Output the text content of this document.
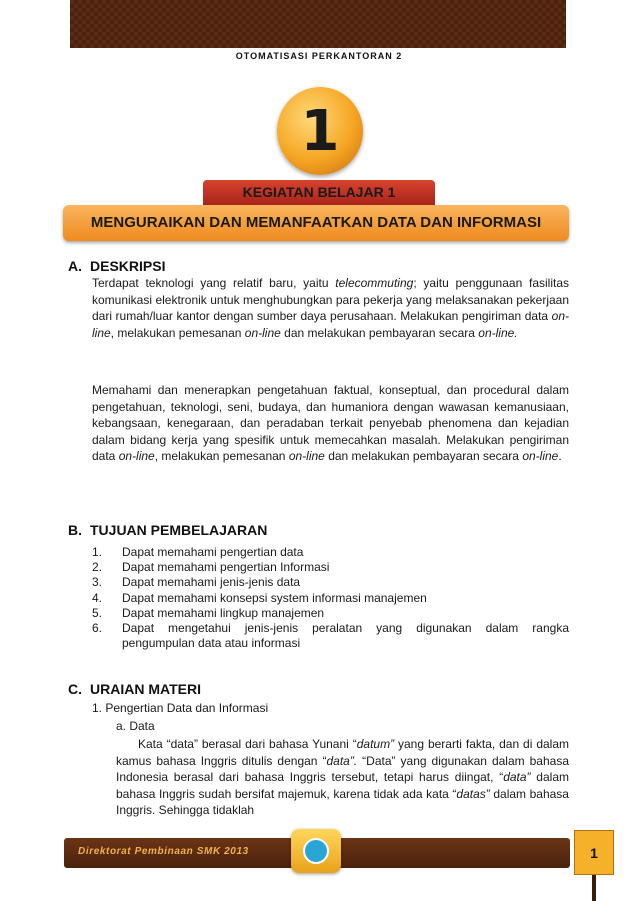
OTOMATISASI PERKANTORAN 2
1
KEGIATAN BELAJAR 1
MENGURAIKAN DAN MEMANFAATKAN DATA DAN INFORMASI
A. DESKRIPSI
Terdapat teknologi yang relatif baru, yaitu telecommuting; yaitu penggunaan fasilitas komunikasi elektronik untuk menghubungkan para pekerja yang melaksanakan pekerjaan dari rumah/luar kantor dengan sumber daya perusahaan. Melakukan pengiriman data on-line, melakukan pemesanan on-line dan melakukan pembayaran secara on-line.
Memahami dan menerapkan pengetahuan faktual, konseptual, dan procedural dalam pengetahuan, teknologi, seni, budaya, dan humaniora dengan wawasan kemanusiaan, kebangsaan, kenegaraan, dan peradaban terkait penyebab phenomena dan kejadian dalam bidang kerja yang spesifik untuk memecahkan masalah. Melakukan pengiriman data on-line, melakukan pemesanan on-line dan melakukan pembayaran secara on-line.
B. TUJUAN PEMBELAJARAN
1.	Dapat memahami pengertian data
2.	Dapat memahami pengertian Informasi
3.	Dapat memahami jenis-jenis data
4.	Dapat memahami konsepsi system informasi manajemen
5.	Dapat memahami lingkup manajemen
6.	Dapat mengetahui jenis-jenis peralatan yang digunakan dalam rangka pengumpulan data atau informasi
C. URAIAN MATERI
1. Pengertian Data dan Informasi
a. Data
Kata “data” berasal dari bahasa Yunani “datum” yang berarti fakta, dan di dalam kamus bahasa Inggris ditulis dengan “data”. “Data” yang digunakan dalam bahasa Indonesia berasal dari bahasa Inggris tersebut, tetapi harus diingat, “data” dalam bahasa Inggris sudah bersifat majemuk, karena tidak ada kata “datas” dalam bahasa Inggris. Sehingga tidaklah
Direktorat Pembinaan SMK 2013	1
